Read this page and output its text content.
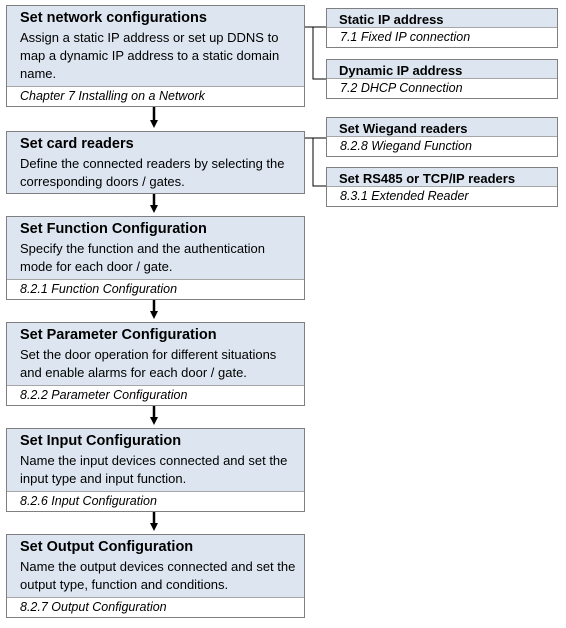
Set network configurations
Assign a static IP address or set up DDNS to map a dynamic IP address to a static domain name.
Chapter 7 Installing on a Network
Set card readers
Define the connected readers by selecting the corresponding doors / gates.
Set Function Configuration
Specify the function and the authentication mode for each door / gate.
8.2.1 Function Configuration
Set Parameter Configuration
Set the door operation for different situations and enable alarms for each door / gate.
8.2.2 Parameter Configuration
Set Input Configuration
Name the input devices connected and set the input type and input function.
8.2.6 Input Configuration
Set Output Configuration
Name the output devices connected and set the output type, function and conditions.
8.2.7 Output Configuration
Static IP address
7.1 Fixed IP connection
Dynamic IP address
7.2 DHCP Connection
Set Wiegand readers
8.2.8 Wiegand Function
Set RS485 or TCP/IP readers
8.3.1 Extended Reader
